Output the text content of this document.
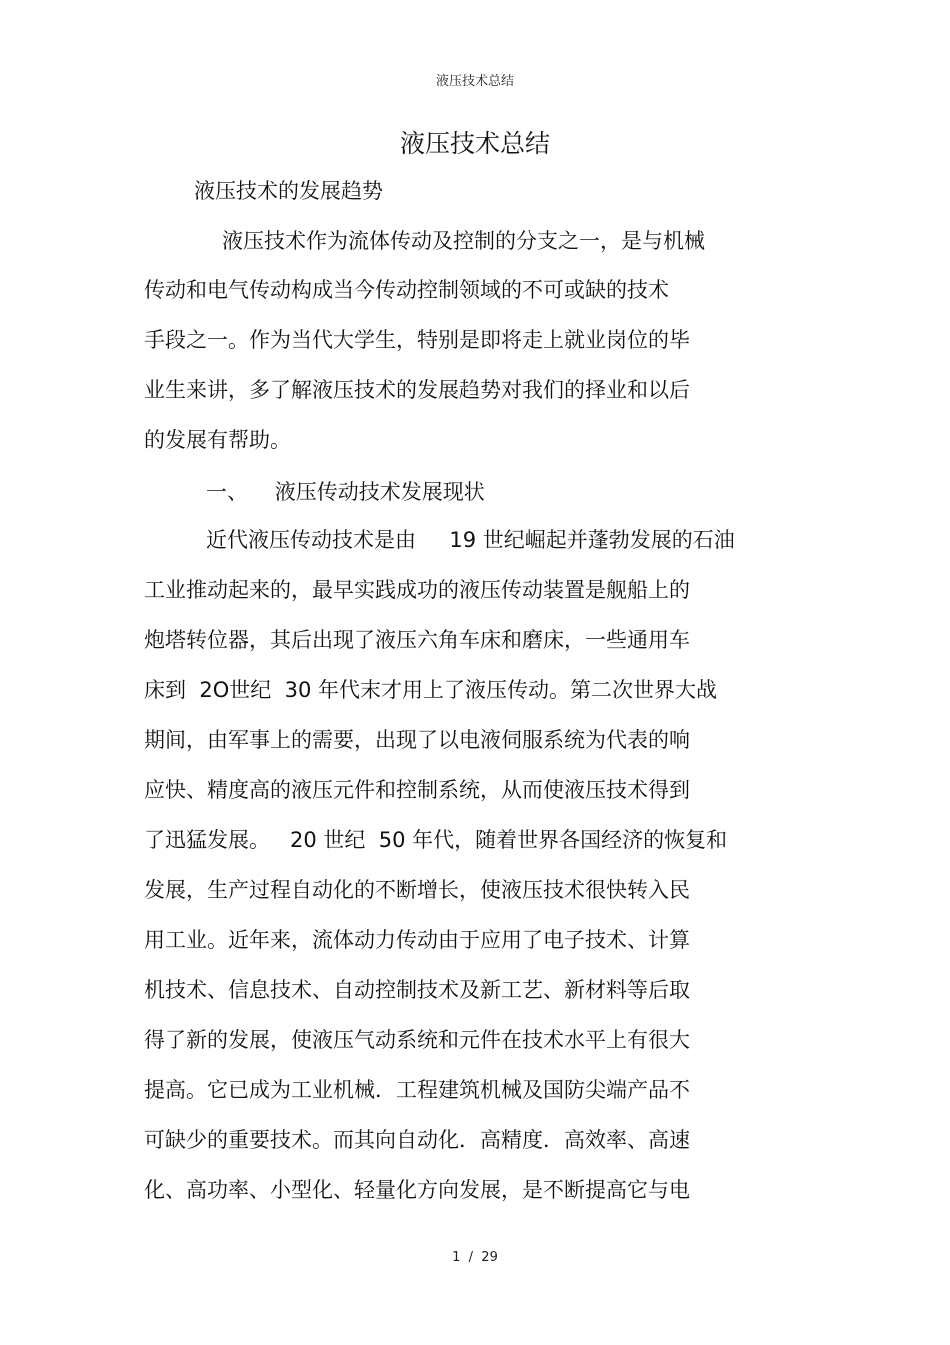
液压技术总结
液压技术总结
液压技术的发展趋势
液压技术作为流体传动及控制的分支之一，是与机械
传动和电气传动构成当今传动控制领域的不可或缺的技术
手段之一。作为当代大学生，特别是即将走上就业岗位的毕
业生来讲，多了解液压技术的发展趋势对我们的择业和以后
的发展有帮助。
一、    液压传动技术发展现状
近代液压传动技术是由     19 世纪崛起并蓬勃发展的石油
工业推动起来的，最早实践成功的液压传动装置是舰船上的
炮塔转位器，其后出现了液压六角车床和磨床，一些通用车
床到  2O世纪  30 年代末才用上了液压传动。第二次世界大战
期间，由军事上的需要，出现了以电液伺服系统为代表的响
应快、精度高的液压元件和控制系统，从而使液压技术得到
了迅猛发展。   20 世纪  50 年代，随着世界各国经济的恢复和
发展，生产过程自动化的不断增长，使液压技术很快转入民
用工业。近年来，流体动力传动由于应用了电子技术、计算
机技术、信息技术、自动控制技术及新工艺、新材料等后取
得了新的发展，使液压气动系统和元件在技术水平上有很大
提高。它已成为工业机械．工程建筑机械及国防尖端产品不
可缺少的重要技术。而其向自动化．高精度．高效率、高速
化、高功率、小型化、轻量化方向发展，是不断提高它与电
1  /  29
